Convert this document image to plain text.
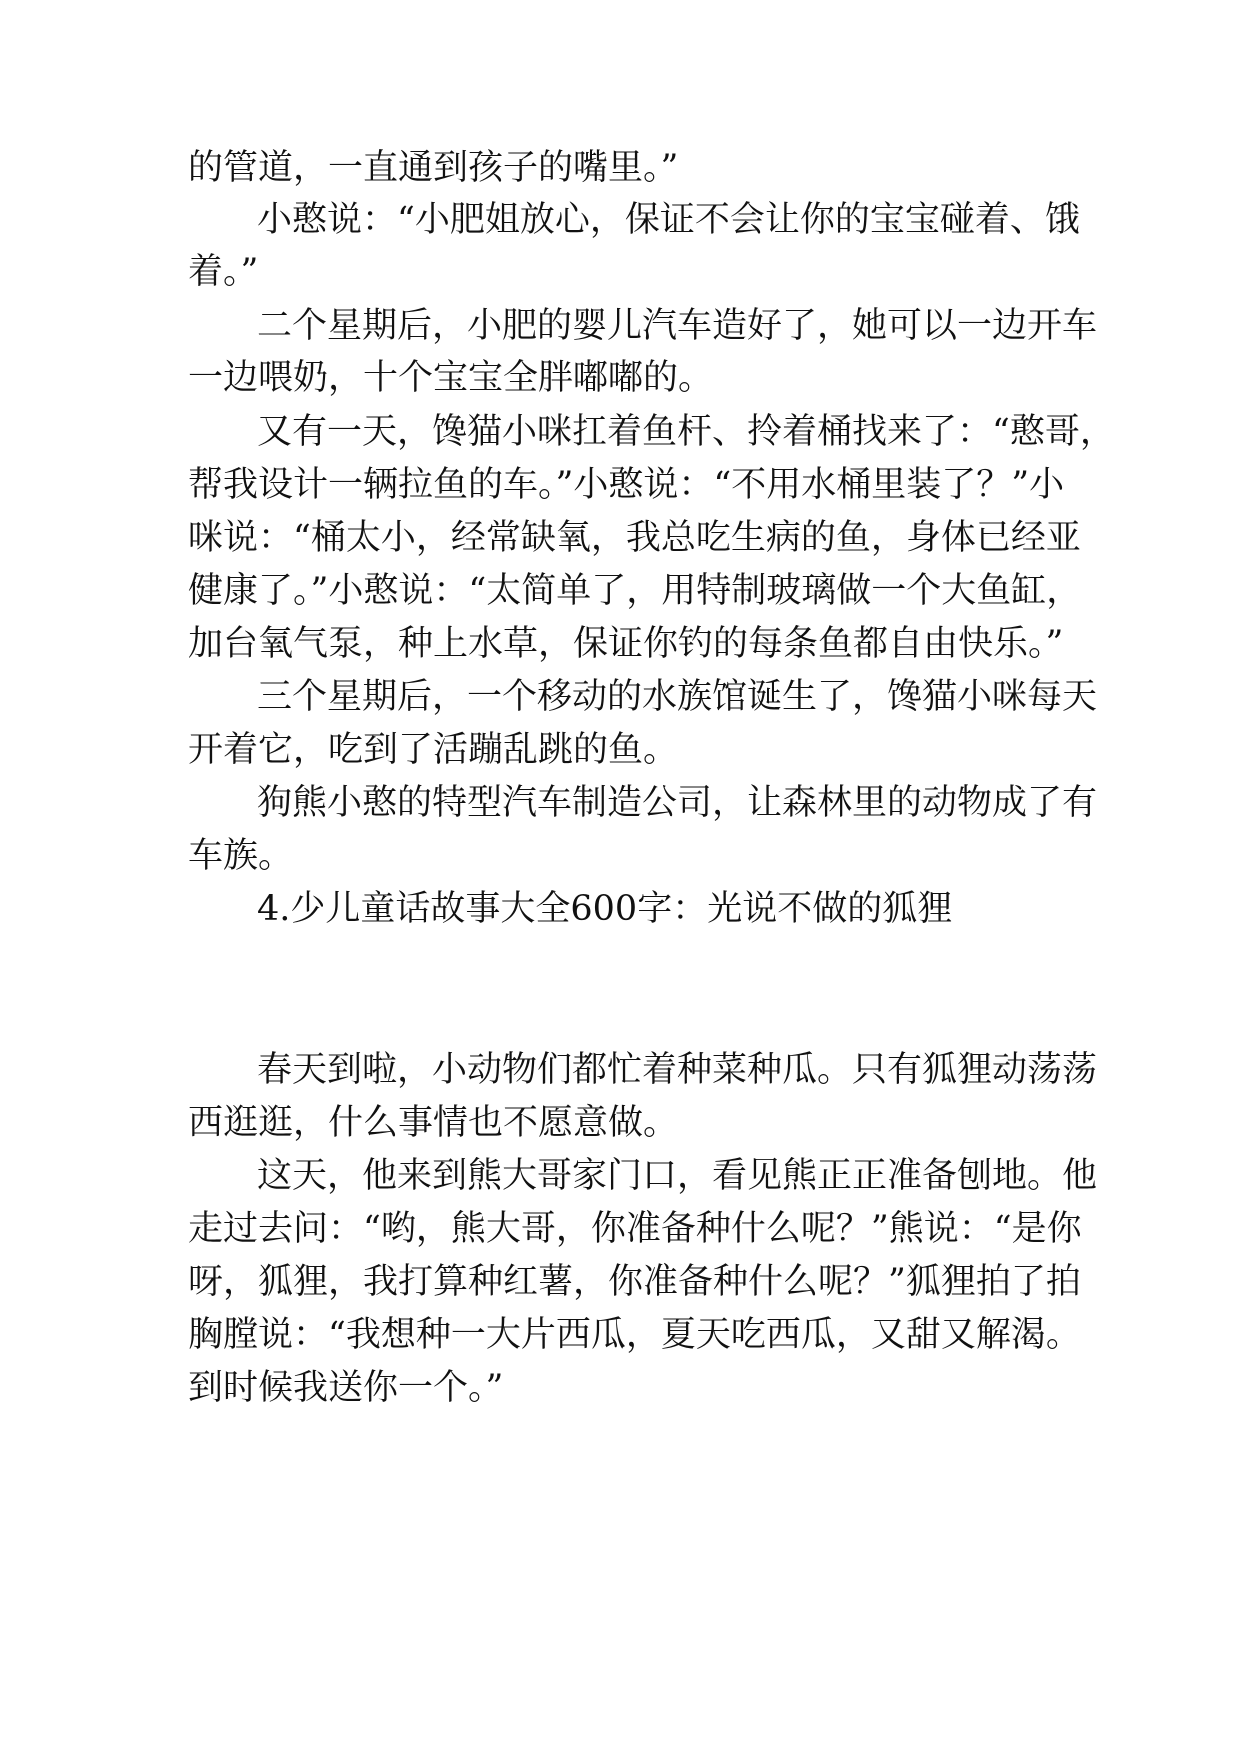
的管道，一直通到孩子的嘴里。”
小憨说：“小肥姐放心，保证不会让你的宝宝碰着、饿
着。”
二个星期后，小肥的婴儿汽车造好了，她可以一边开车
一边喂奶，十个宝宝全胖嘟嘟的。
又有一天，馋猫小咪扛着鱼杆、拎着桶找来了：“憨哥，
帮我设计一辆拉鱼的车。”小憨说：“不用水桶里装了？”小
咪说：“桶太小，经常缺氧，我总吃生病的鱼，身体已经亚
健康了。”小憨说：“太简单了，用特制玻璃做一个大鱼缸，
加台氧气泵，种上水草，保证你钓的每条鱼都自由快乐。”
三个星期后，一个移动的水族馆诞生了，馋猫小咪每天
开着它，吃到了活蹦乱跳的鱼。
狗熊小憨的特型汽车制造公司，让森林里的动物成了有
车族。
4.少儿童话故事大全600字：光说不做的狐狸
春天到啦，小动物们都忙着种菜种瓜。只有狐狸动荡荡
西逛逛，什么事情也不愿意做。
这天，他来到熊大哥家门口，看见熊正正准备刨地。他
走过去问：“哟，熊大哥，你准备种什么呢？”熊说：“是你
呀，狐狸，我打算种红薯，你准备种什么呢？”狐狸拍了拍
胸膛说：“我想种一大片西瓜，夏天吃西瓜，又甜又解渴。
到时候我送你一个。”
